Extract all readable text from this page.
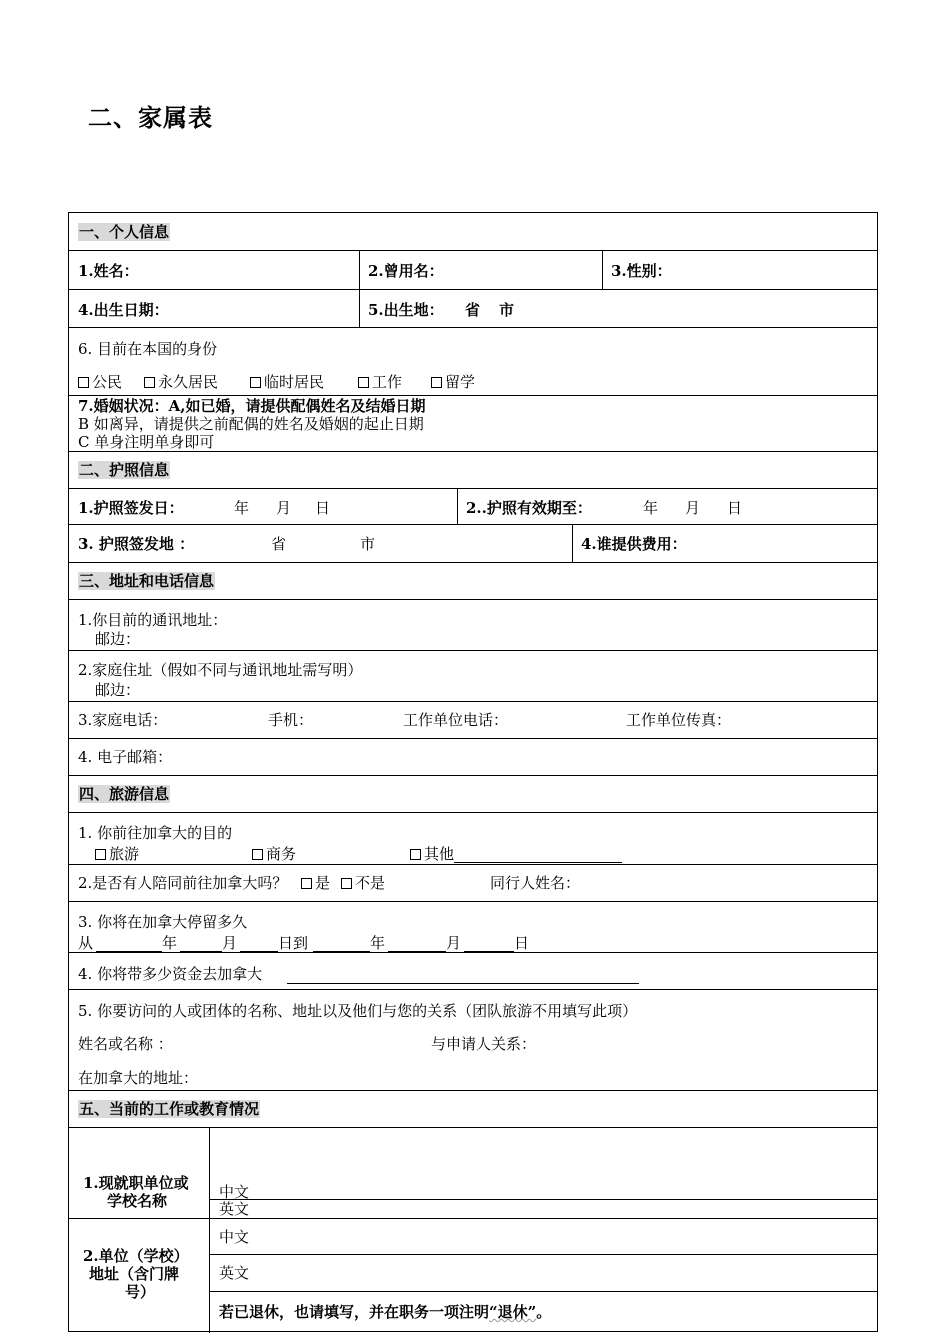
二、家属表
一、个人信息
1.姓名：	2.曾用名：	3.性别：
4.出生日期：	5.出生地： 省 市
6. 目前在本国的身份
公民	永久居民	临时居民	工作	留学
7.婚姻状况：A,如已婚，请提供配偶姓名及结婚日期
B 如离异，请提供之前配偶的姓名及婚姻的起止日期
C 单身注明单身即可
二、护照信息
1.护照签发日：	年 月 日	2..护照有效期至：	年 月 日
3. 护照签发地 ：	省	市	4.谁提供费用：
三、地址和电话信息
1.你目前的通讯地址：
邮边：
2.家庭住址（假如不同与通讯地址需写明）
邮边：
3.家庭电话：	手机：	工作单位电话：	工作单位传真：
4. 电子邮箱：
四、旅游信息
1. 你前往加拿大的目的
旅游	商务	其他
2.是否有人陪同前往加拿大吗？	是	不是	同行人姓名：
3. 你将在加拿大停留多久
从	年	月	日到	年	月	日
4. 你将带多少资金去加拿大
5. 你要访问的人或团体的名称、地址以及他们与您的关系（团队旅游不用填写此项）
姓名或名称 ：	与申请人关系：
在加拿大的地址：
五、当前的工作或教育情况
1.现就职单位或
学校名称	中文
英文
2.单位（学校）
地址（含门牌
号）
中文
英文
若已退休，也请填写，并在职务一项注明“退休”。
